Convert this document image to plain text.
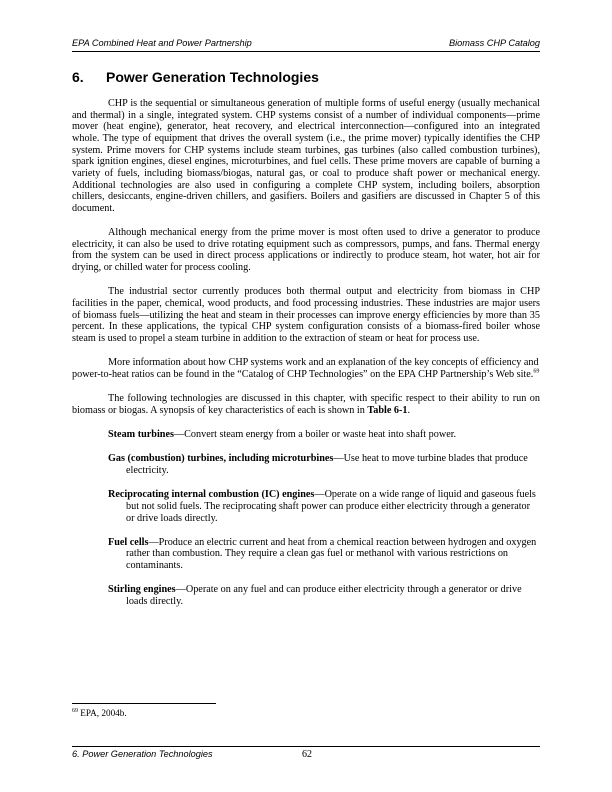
EPA Combined Heat and Power Partnership	Biomass CHP Catalog
6. Power Generation Technologies

CHP is the sequential or simultaneous generation of multiple forms of useful energy (usually mechanical and thermal) in a single, integrated system. CHP systems consist of a number of individual components—prime mover (heat engine), generator, heat recovery, and electrical interconnection—configured into an integrated whole. The type of equipment that drives the overall system (i.e., the prime mover) typically identifies the CHP system. Prime movers for CHP systems include steam turbines, gas turbines (also called combustion turbines), spark ignition engines, diesel engines, microturbines, and fuel cells. These prime movers are capable of burning a variety of fuels, including biomass/biogas, natural gas, or coal to produce shaft power or mechanical energy. Additional technologies are also used in configuring a complete CHP system, including boilers, absorption chillers, desiccants, engine-driven chillers, and gasifiers. Boilers and gasifiers are discussed in Chapter 5 of this document.

Although mechanical energy from the prime mover is most often used to drive a generator to produce electricity, it can also be used to drive rotating equipment such as compressors, pumps, and fans. Thermal energy from the system can be used in direct process applications or indirectly to produce steam, hot water, hot air for drying, or chilled water for process cooling.

The industrial sector currently produces both thermal output and electricity from biomass in CHP facilities in the paper, chemical, wood products, and food processing industries. These industries are major users of biomass fuels—utilizing the heat and steam in their processes can improve energy efficiencies by more than 35 percent. In these applications, the typical CHP system configuration consists of a biomass-fired boiler whose steam is used to propel a steam turbine in addition to the extraction of steam or heat for process use.

More information about how CHP systems work and an explanation of the key concepts of efficiency and power-to-heat ratios can be found in the “Catalog of CHP Technologies” on the EPA CHP Partnership’s Web site.$^{69}$

The following technologies are discussed in this chapter, with specific respect to their ability to run on biomass or biogas. A synopsis of key characteristics of each is shown in Table 6-1.

Steam turbines—Convert steam energy from a boiler or waste heat into shaft power.
Gas (combustion) turbines, including microturbines—Use heat to move turbine blades that produce electricity.
Reciprocating internal combustion (IC) engines—Operate on a wide range of liquid and gaseous fuels but not solid fuels. The reciprocating shaft power can produce either electricity through a generator or drive loads directly.
Fuel cells—Produce an electric current and heat from a chemical reaction between hydrogen and oxygen rather than combustion. They require a clean gas fuel or methanol with various restrictions on contaminants.
Stirling engines—Operate on any fuel and can produce either electricity through a generator or drive loads directly.
$^{69}$ EPA, 2004b.
6. Power Generation Technologies	62
